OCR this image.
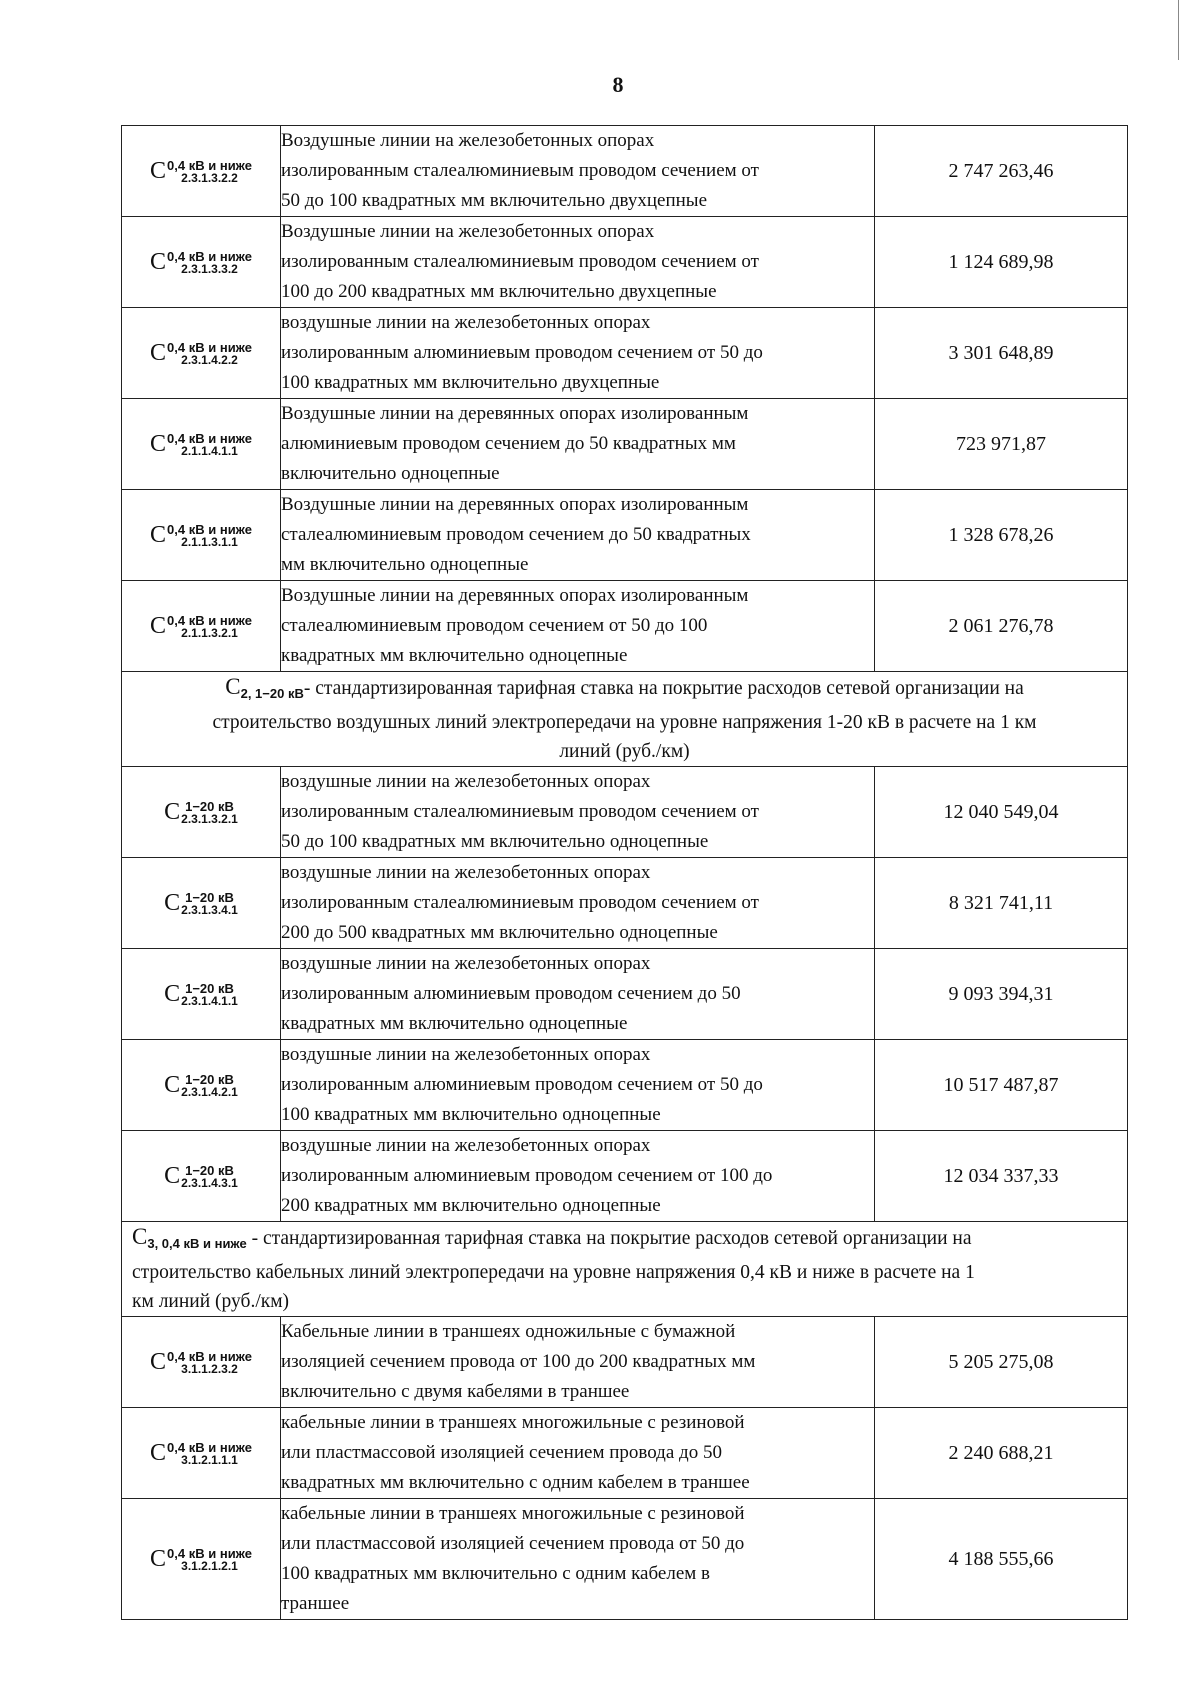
8
C 0,4 кВ и ниже
2.3.1.3.2.2	Воздушные линии на железобетонных опорах
изолированным сталеалюминиевым проводом сечением от
50 до 100 квадратных мм включительно двухцепные	2 747 263,46

C 0,4 кВ и ниже
2.3.1.3.3.2	Воздушные линии на железобетонных опорах
изолированным сталеалюминиевым проводом сечением от
100 до 200 квадратных мм включительно двухцепные	1 124 689,98

C 0,4 кВ и ниже
2.3.1.4.2.2	воздушные линии на железобетонных опорах
изолированным алюминиевым проводом сечением от 50 до
100 квадратных мм включительно двухцепные	3 301 648,89

C 0,4 кВ и ниже
2.1.1.4.1.1	Воздушные линии на деревянных опорах изолированным
алюминиевым проводом сечением до 50 квадратных мм
включительно одноцепные	723 971,87

C 0,4 кВ и ниже
2.1.1.3.1.1	Воздушные линии на деревянных опорах изолированным
сталеалюминиевым проводом сечением до 50 квадратных
мм включительно одноцепные	1 328 678,26

C 0,4 кВ и ниже
2.1.1.3.2.1	Воздушные линии на деревянных опорах изолированным
сталеалюминиевым проводом сечением от 50 до 100
квадратных мм включительно одноцепные	2 061 276,78
$C_{2, 1-20 кВ}-$ стандартизированная тарифная ставка на покрытие расходов сетевой организации на
строительство воздушных линий электропередачи на уровне напряжения 1-20 кВ в расчете на 1 км
линий (руб./км)		

C 1−20 кВ
2.3.1.3.2.1	воздушные линии на железобетонных опорах
изолированным сталеалюминиевым проводом сечением от
50 до 100 квадратных мм включительно одноцепные	12 040 549,04

C 1−20 кВ
2.3.1.3.4.1	воздушные линии на железобетонных опорах
изолированным сталеалюминиевым проводом сечением от
200 до 500 квадратных мм включительно одноцепные	8 321 741,11

C 1−20 кВ
2.3.1.4.1.1	воздушные линии на железобетонных опорах
изолированным алюминиевым проводом сечением до 50
квадратных мм включительно одноцепные	9 093 394,31

C 1−20 кВ
2.3.1.4.2.1	воздушные линии на железобетонных опорах
изолированным алюминиевым проводом сечением от 50 до
100 квадратных мм включительно одноцепные	10 517 487,87

C 1−20 кВ
2.3.1.4.3.1	воздушные линии на железобетонных опорах
изолированным алюминиевым проводом сечением от 100 до
200 квадратных мм включительно одноцепные	12 034 337,33
$C_{3, 0,4 кВ и ниже}$ - стандартизированная тарифная ставка на покрытие расходов сетевой организации на
строительство кабельных линий электропередачи на уровне напряжения 0,4 кВ и ниже в расчете на 1
км линий (руб./км)		

C 0,4 кВ и ниже
3.1.1.2.3.2	Кабельные линии в траншеях одножильные с бумажной
изоляцией сечением провода от 100 до 200 квадратных мм
включительно с двумя кабелями в траншее	5 205 275,08

C 0,4 кВ и ниже
3.1.2.1.1.1	кабельные линии в траншеях многожильные с резиновой
или пластмассовой изоляцией сечением провода до 50
квадратных мм включительно с одним кабелем в траншее	2 240 688,21

C 0,4 кВ и ниже
3.1.2.1.2.1	кабельные линии в траншеях многожильные с резиновой
или пластмассовой изоляцией сечением провода от 50 до
100 квадратных мм включительно с одним кабелем в
траншее	4 188 555,66
